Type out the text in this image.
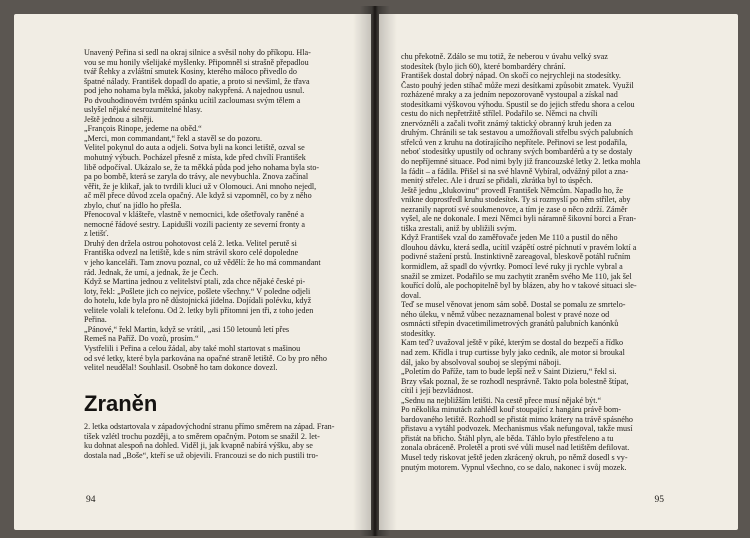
Unavený Peřina si sedl na okraj silnice a svěsil nohy do příkopu. Hla-
vou se mu honily všelijaké myšlenky. Připomněl si strašně přepadlou
tvář Řehky a zvláštní smutek Kosiny, kterého máloco přivedlo do
špatné nálady. František dopadl do apatie, a proto si nevšiml, že třava
pod jeho nohama byla měkká, jakoby nakypřená. A najednou usnul.
Po dvouhodinovém tvrdém spánku ucítil zaclouması svým tělem a
uslyšel nějaké nesrozumitelné hlasy.
Ještě jednou a silněji.
„François Rinope, jedeme na oběd.“
„Merci, mon commandant,“ řekl a stavěl se do pozoru.
Velitel pokynul do auta a odjeli. Sotva byli na konci letiště, ozval se
mohutný výbuch. Pocházel přesně z místa, kde před chvílí František
libě odpočíval. Ukázalo se, že ta měkká půda pod jeho nohama byla sto-
pa po bombě, která se zaryla do trávy, ale nevybuchla. Znova začínal
věřit, že je klikař, jak to tvrdili kluci už v Olomouci. Ani mnoho nejedl,
ač měl přece důvod zcela opačný. Ale když si vzpomněl, co by z něho
zbylo, chuť na jídlo ho přešla.
Přenocoval v klášteře, vlastně v nemocnici, kde ošetřovaly raněné a
nemocné řádové sestry. Lapidušli vozili pacienty ze severní fronty a
z letišť.
Druhý den držela ostrou pohotovost celá 2. letka. Velitel perutě si
Františka odvezl na letiště, kde s ním strávil skoro celé dopoledne
v jeho kanceláři. Tam znovu poznal, co už vědělí: že ho má commandant
rád. Jednak, že umí, a jednak, že je Čech.
Když se Martina jednou z velitelství ptali, zda chce nějaké české pi-
loty, řekl: „Pošlete jich co nejvíce, pošlete všechny.“ V poledne odjeli
do hotelu, kde byla pro ně důstojnická jídelna. Dojídali polévku, když
velitele volali k telefonu. Od 2. letky byli přítomni jen tři, z toho jeden
Peřina.
„Pánové,“ řekl Martin, když se vrátil, „asi 150 letounů letí přes
Remeš na Paříž. Do vozů, prosím.“
Vystřelili i Peřina a celou žádal, aby také mohl startovat s mašinou
od své letky, které byla parkována na opačné straně letiště. Co by pro něho
velitel neudělal! Souhlasil. Osobně ho tam dokonce dovezl.
Zraněn
2. letka odstartovala v západovýchodní stranu přímo směrem na západ. Fran-
tíšek vzlétl trochu později, a to směrem opačným. Potom se snažil 2. let-
ku dohnat alespoň na dohled. Viděl ji, jak kvapně nabírá výšku, aby se
dostala nad „Boše“, kteří se už objevili. Francouzi se do nich pustili tro-
94
chu překotně. Zdálo se mu totiž, že neberou v úvahu velký svaz
stodesítek (bylo jich 60), které bombardéry chrání.
František dostal dobrý nápad. On skočí co nejrychleji na stodesítky.
Často pouhý jeden stíhač může mezi desítkami způsobit zmatek. Využil
rozházené mraky a za jedním nepozorovaně vystoupal a získal nad
stodesítkami výškovou výhodu. Spustil se do jejich středu shora a celou
cestu do nich nepřetržitě střílel. Podařilo se. Němci na chvíli
znervózněli a začali tvořit známý taktický obranný kruh jeden za
druhým. Chránili se tak sestavou a umožňovali střelbu svých palubních
střelců ven z kruhu na dotírajícího nepřítele. Peřinovi se lest podařila,
neboť stodesítky upustily od ochrany svých bombardérů a ty se dostaly
do nepříjemné situace. Pod nimi byly již francouzské letky 2. letka mohla
la fádit – a fádila. Přišel si na své hlavně Vybíral, odvážný pilot a zna-
menitý střelec. Ale i druzí se přidali, zkrátka byl to úspěch.
Ještě jednu „klukovinu“ provedl František Němcům. Napadlo ho, že
vnikne doprostředl kruhu stodesítek. Ty si rozmyslí po něm střílet, aby
nezranily naprotí své soukmenovce, a tím je zase o něco zdrží. Záměr
vyšel, ale ne dokonale. I mezi Němci byli náramně šikovní borci a Fran-
tiška zrestali, aniž by ubližili svým.
Když František vzal do zaměřovače jeden Me 110 a pustil do něho
dlouhou dávku, která sedla, ucítil vzápětí ostré píchnutí v pravém loktí a
podivné stažení prstů. Instinktivně zareagoval, bleskově potáhl ručním
kormidlem, až spadl do vývrtky. Pomocí levé ruky ji rychle vybral a
snažil se zmizet. Podařilo se mu zachytit zraněm svého Me 110, jak šel
kouřící dolů, ale pochopitelně byl by blázen, aby ho v takové situaci sle-
doval.
Teď se musel věnovat jenom sám sobě. Dostal se pomalu ze smrtelo-
ného úleku, v němž vůbec nezaznamenal bolest v pravé noze od
osmnácti střepin dvacetimilimetrových granátů palubních kanónků
stodesítky.
Kam teď? uvažoval ještě v píké, kterým se dostal do bezpečí a řídko
nad zem. Křídla i trup curtisse byly jako cedník, ale motor si broukal
dál, jako by absolvoval souboj se slepými náboji.
„Poletím do Paříže, tam to bude lepší než v Saint Dizieru,“ řekl si.
Brzy však poznal, že se rozhodl nesprávně. Takto pola bolestně štípat,
cítil i její bezvládnost.
„Sednu na nejbližším letišti. Na cestě přece musí nějaké být.“
Po několika minutách zahlédl kouř stoupající z hangáru právě bom-
bardovaného letiště. Rozhodl se přistát mimo krátery na trávě spásného
přistavu a vytáhl podvozek. Mechanismus však nefungoval, takže musí
přistát na břicho. Štáhl plyn, ale běda. Táhlo bylo přestřeleno a tu
zonala obráceně. Proletěl a proti své vůli musel nad letištěm defilovat.
Musel tedy riskovat ještě jeden zkrácený okruh, po němž dosedl s vy-
pnutým motorem. Vypnul všechno, co se dalo, nakonec i svůj mozek.
95
